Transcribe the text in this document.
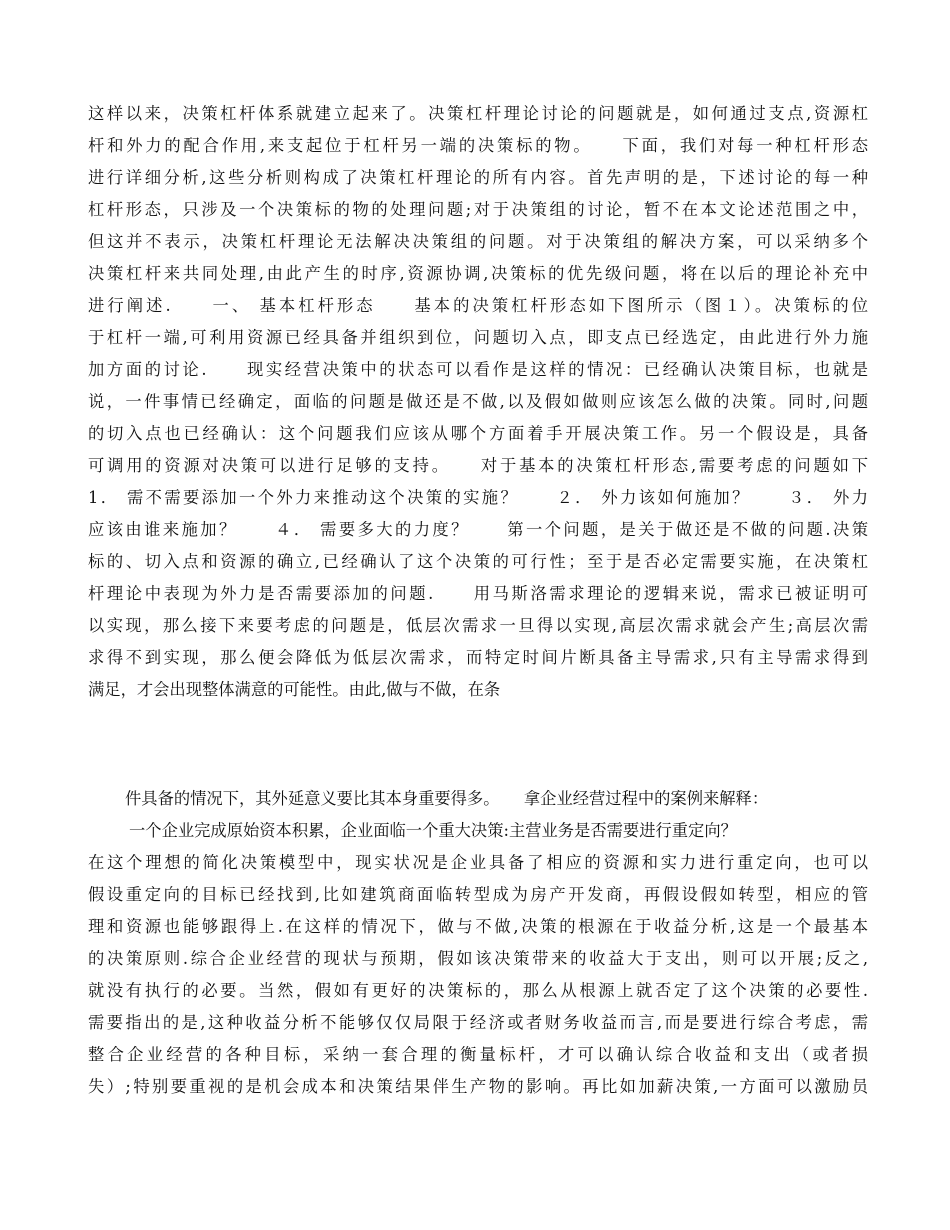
这样以来，决策杠杆体系就建立起来了。决策杠杆理论讨论的问题就是，如何通过支点,资源杠
杆和外力的配合作用,来支起位于杠杆另一端的决策标的物。　　下面，我们对每一种杠杆形态
进行详细分析,这些分析则构成了决策杠杆理论的所有内容。首先声明的是，下述讨论的每一种
杠杆形态，只涉及一个决策标的物的处理问题;对于决策组的讨论，暂不在本文论述范围之中，
但这并不表示，决策杠杆理论无法解决决策组的问题。对于决策组的解决方案，可以采纳多个
决策杠杆来共同处理,由此产生的时序,资源协调,决策标的优先级问题，将在以后的理论补充中
进行阐述.　　一、 基本杠杆形态　　基本的决策杠杆形态如下图所示（图１）。决策标的位
于杠杆一端,可利用资源已经具备并组织到位，问题切入点，即支点已经选定，由此进行外力施
加方面的讨论.　　现实经营决策中的状态可以看作是这样的情况：已经确认决策目标，也就是
说，一件事情已经确定，面临的问题是做还是不做,以及假如做则应该怎么做的决策。同时,问题
的切入点也已经确认：这个问题我们应该从哪个方面着手开展决策工作。另一个假设是，具备
可调用的资源对决策可以进行足够的支持。　　对于基本的决策杠杆形态,需要考虑的问题如下
1． 需不需要添加一个外力来推动这个决策的实施？　　２． 外力该如何施加？　　３． 外力
应该由谁来施加？　　４． 需要多大的力度？　　第一个问题，是关于做还是不做的问题.决策
标的、切入点和资源的确立,已经确认了这个决策的可行性；至于是否必定需要实施，在决策杠
杆理论中表现为外力是否需要添加的问题.　　用马斯洛需求理论的逻辑来说，需求已被证明可
以实现，那么接下来要考虑的问题是，低层次需求一旦得以实现,高层次需求就会产生;高层次需
求得不到实现，那么便会降低为低层次需求，而特定时间片断具备主导需求,只有主导需求得到
满足，才会出现整体满意的可能性。由此,做与不做，在条
件具备的情况下，其外延意义要比其本身重要得多。　　拿企业经营过程中的案例来解释：
一个企业完成原始资本积累，企业面临一个重大决策:主营业务是否需要进行重定向？
在这个理想的简化决策模型中，现实状况是企业具备了相应的资源和实力进行重定向，也可以
假设重定向的目标已经找到,比如建筑商面临转型成为房产开发商，再假设假如转型，相应的管
理和资源也能够跟得上.在这样的情况下，做与不做,决策的根源在于收益分析,这是一个最基本
的决策原则.综合企业经营的现状与预期，假如该决策带来的收益大于支出，则可以开展;反之,
就没有执行的必要。当然，假如有更好的决策标的，那么从根源上就否定了这个决策的必要性.
需要指出的是,这种收益分析不能够仅仅局限于经济或者财务收益而言,而是要进行综合考虑，需
整合企业经营的各种目标，采纳一套合理的衡量标杆，才可以确认综合收益和支出（或者损
失）;特别要重视的是机会成本和决策结果伴生产物的影响。再比如加薪决策,一方面可以激励员
